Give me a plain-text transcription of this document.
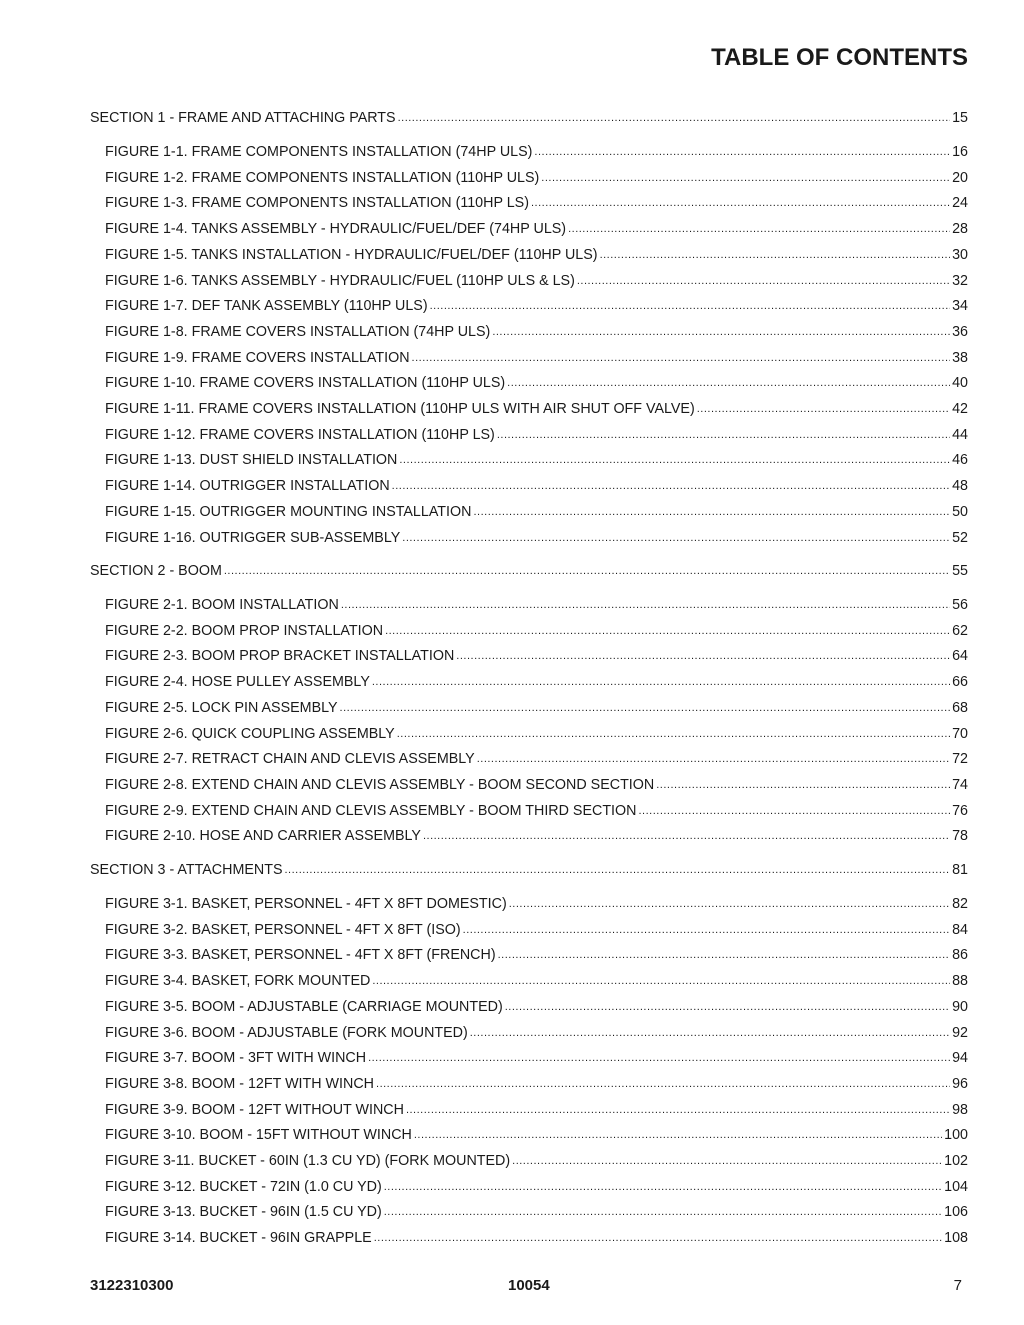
TABLE OF CONTENTS
SECTION 1 - FRAME AND ATTACHING PARTS .....	15
FIGURE 1-1. FRAME COMPONENTS INSTALLATION (74HP ULS) .....	16
FIGURE 1-2. FRAME COMPONENTS INSTALLATION (110HP ULS) .....	20
FIGURE 1-3. FRAME COMPONENTS INSTALLATION (110HP LS) .....	24
FIGURE 1-4. TANKS ASSEMBLY - HYDRAULIC/FUEL/DEF (74HP ULS) .....	28
FIGURE 1-5. TANKS INSTALLATION - HYDRAULIC/FUEL/DEF (110HP ULS) .....	30
FIGURE 1-6. TANKS ASSEMBLY - HYDRAULIC/FUEL (110HP ULS & LS) .....	32
FIGURE 1-7. DEF TANK ASSEMBLY (110HP ULS) .....	34
FIGURE 1-8. FRAME COVERS INSTALLATION (74HP ULS) .....	36
FIGURE 1-9. FRAME COVERS INSTALLATION .....	38
FIGURE 1-10. FRAME COVERS INSTALLATION (110HP ULS) .....	40
FIGURE 1-11. FRAME COVERS INSTALLATION (110HP ULS WITH AIR SHUT OFF VALVE) .....	42
FIGURE 1-12. FRAME COVERS INSTALLATION (110HP LS) .....	44
FIGURE 1-13. DUST SHIELD INSTALLATION .....	46
FIGURE 1-14. OUTRIGGER INSTALLATION .....	48
FIGURE 1-15. OUTRIGGER MOUNTING INSTALLATION .....	50
FIGURE 1-16. OUTRIGGER SUB-ASSEMBLY .....	52
SECTION 2 - BOOM .....	55
FIGURE 2-1. BOOM INSTALLATION .....	56
FIGURE 2-2. BOOM PROP INSTALLATION .....	62
FIGURE 2-3. BOOM PROP BRACKET INSTALLATION .....	64
FIGURE 2-4. HOSE PULLEY ASSEMBLY .....	66
FIGURE 2-5. LOCK PIN ASSEMBLY .....	68
FIGURE 2-6. QUICK COUPLING ASSEMBLY .....	70
FIGURE 2-7. RETRACT CHAIN AND CLEVIS ASSEMBLY .....	72
FIGURE 2-8. EXTEND CHAIN AND CLEVIS ASSEMBLY - BOOM SECOND SECTION .....	74
FIGURE 2-9. EXTEND CHAIN AND CLEVIS ASSEMBLY - BOOM THIRD SECTION .....	76
FIGURE 2-10. HOSE AND CARRIER ASSEMBLY .....	78
SECTION 3 - ATTACHMENTS .....	81
FIGURE 3-1. BASKET, PERSONNEL - 4FT X 8FT DOMESTIC) .....	82
FIGURE 3-2. BASKET, PERSONNEL - 4FT X 8FT (ISO) .....	84
FIGURE 3-3. BASKET, PERSONNEL - 4FT X 8FT (FRENCH) .....	86
FIGURE 3-4. BASKET, FORK MOUNTED .....	88
FIGURE 3-5. BOOM - ADJUSTABLE (CARRIAGE MOUNTED) .....	90
FIGURE 3-6. BOOM - ADJUSTABLE (FORK MOUNTED) .....	92
FIGURE 3-7. BOOM - 3FT WITH WINCH .....	94
FIGURE 3-8. BOOM - 12FT WITH WINCH .....	96
FIGURE 3-9. BOOM - 12FT WITHOUT WINCH .....	98
FIGURE 3-10. BOOM - 15FT WITHOUT WINCH .....	100
FIGURE 3-11. BUCKET - 60IN (1.3 CU YD) (FORK MOUNTED) .....	102
FIGURE 3-12. BUCKET - 72IN (1.0 CU YD) .....	104
FIGURE 3-13. BUCKET - 96IN (1.5 CU YD) .....	106
FIGURE 3-14. BUCKET - 96IN GRAPPLE .....	108
3122310300	10054	7
